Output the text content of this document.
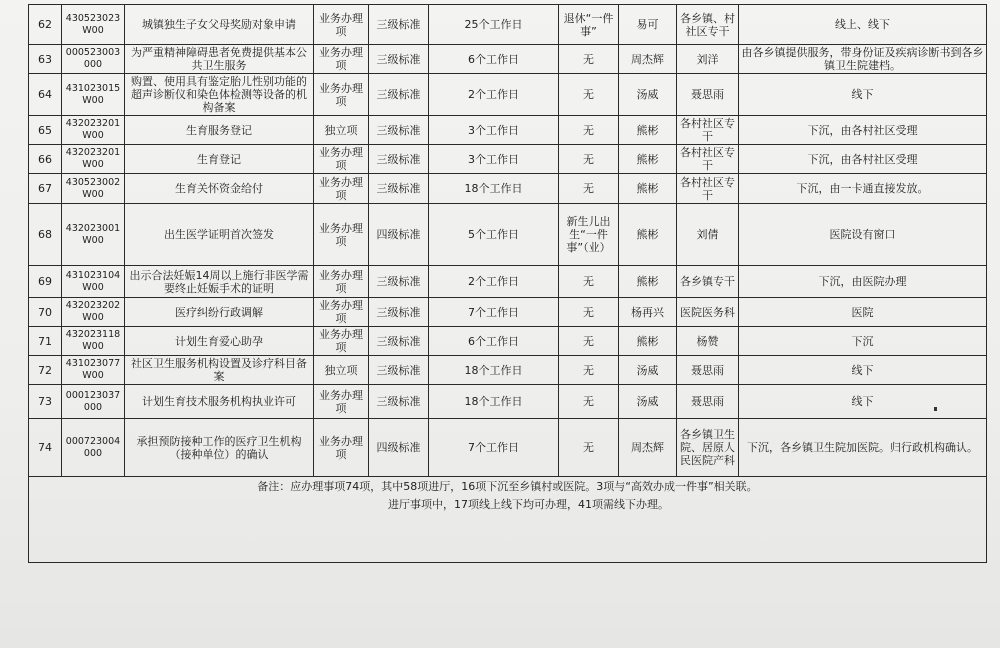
62	430523023W00	城镇独生子女父母奖励对象申请	业务办理项	三级标准	25个工作日	退休“一件事”	易可	各乡镇、村社区专干	线上、线下
63	000523003000	为严重精神障碍患者免费提供基本公共卫生服务	业务办理项	三级标准	6个工作日	无	周杰辉	刘洋	由各乡镇提供服务，带身份证及疾病诊断书到各乡镇卫生院建档。
64	431023015W00	购置、使用具有鉴定胎儿性别功能的超声诊断仪和染色体检测等设备的机构备案	业务办理项	三级标准	2个工作日	无	汤威	聂思雨	线下
65	432023201W00	生育服务登记	独立项	三级标准	3个工作日	无	熊彬	各村社区专干	下沉，由各村社区受理
66	432023201W00	生育登记	业务办理项	三级标准	3个工作日	无	熊彬	各村社区专干	下沉，由各村社区受理
67	430523002W00	生育关怀资金给付	业务办理项	三级标准	18个工作日	无	熊彬	各村社区专干	下沉，由一卡通直接发放。
68	432023001W00	出生医学证明首次签发	业务办理项	四级标准	5个工作日	新生儿出生“一件事”（业）	熊彬	刘倩	医院设有窗口
69	431023104W00	出示合法妊娠14周以上施行非医学需要终止妊娠手术的证明	业务办理项	三级标准	2个工作日	无	熊彬	各乡镇专干	下沉，由医院办理
70	432023202W00	医疗纠纷行政调解	业务办理项	三级标准	7个工作日	无	杨再兴	医院医务科	医院
71	432023118W00	计划生育爱心助孕	业务办理项	三级标准	6个工作日	无	熊彬	杨赞	下沉
72	431023077W00	社区卫生服务机构设置及诊疗科目备案	独立项	三级标准	18个工作日	无	汤威	聂思雨	线下
73	000123037000	计划生育技术服务机构执业许可	业务办理项	三级标准	18个工作日	无	汤威	聂思雨	线下
74	000723004000	承担预防接种工作的医疗卫生机构（接种单位）的确认	业务办理项	四级标准	7个工作日	无	周杰辉	各乡镇卫生院、居原人民医院产科	下沉，各乡镇卫生院加医院。归行政机构确认。

备注：应办理事项74项，其中58项进厅，16项下沉至乡镇村或医院。3项与“高效办成一件事”相关联。
进厅事项中，17项线上线下均可办理，41项需线下办理。									
